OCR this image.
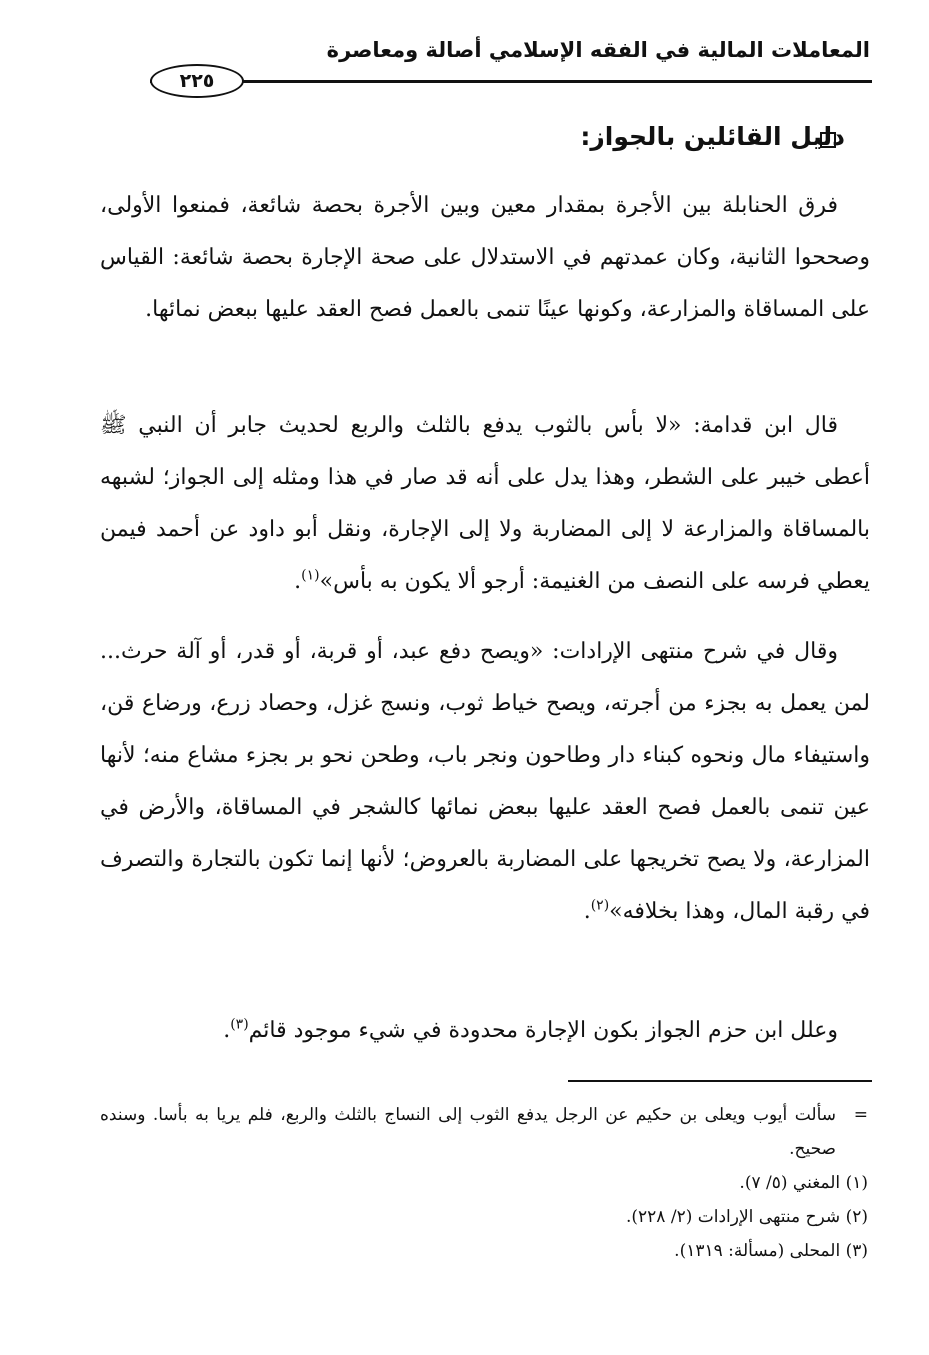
المعاملات المالية في الفقه الإسلامي أصالة ومعاصرة
٢٢٥
دليل القائلين بالجواز:

فرق الحنابلة بين الأجرة بمقدار معين وبين الأجرة بحصة شائعة، فمنعوا الأولى، وصححوا الثانية، وكان عمدتهم في الاستدلال على صحة الإجارة بحصة شائعة: القياس على المساقاة والمزارعة، وكونها عينًا تنمى بالعمل فصح العقد عليها ببعض نمائها.

قال ابن قدامة: «لا بأس بالثوب يدفع بالثلث والربع لحديث جابر أن النبي ﷺ أعطى خيبر على الشطر، وهذا يدل على أنه قد صار في هذا ومثله إلى الجواز؛ لشبهه بالمساقاة والمزارعة لا إلى المضاربة ولا إلى الإجارة، ونقل أبو داود عن أحمد فيمن يعطي فرسه على النصف من الغنيمة: أرجو ألا يكون به بأس»$^{(١)}$.

وقال في شرح منتهى الإرادات: «ويصح دفع عبد، أو قربة، أو قدر، أو آلة حرث... لمن يعمل به بجزء من أجرته، ويصح خياط ثوب، ونسج غزل، وحصاد زرع، ورضاع قن، واستيفاء مال ونحوه كبناء دار وطاحون ونجر باب، وطحن نحو بر بجزء مشاع منه؛ لأنها عين تنمى بالعمل فصح العقد عليها ببعض نمائها كالشجر في المساقاة، والأرض في المزارعة، ولا يصح تخريجها على المضاربة بالعروض؛ لأنها إنما تكون بالتجارة والتصرف في رقبة المال، وهذا بخلافه»$^{(٢)}$.

وعلل ابن حزم الجواز بكون الإجارة محدودة في شيء موجود قائم$^{(٣)}$.

=
سألت أيوب ويعلى بن حكيم عن الرجل يدفع الثوب إلى النساج بالثلث والربع، فلم يريا به بأسا. وسنده صحيح.
(١) المغني (٥/ ٧).
(٢) شرح منتهى الإرادات (٢/ ٢٢٨).
(٣) المحلى (مسألة: ١٣١٩).
